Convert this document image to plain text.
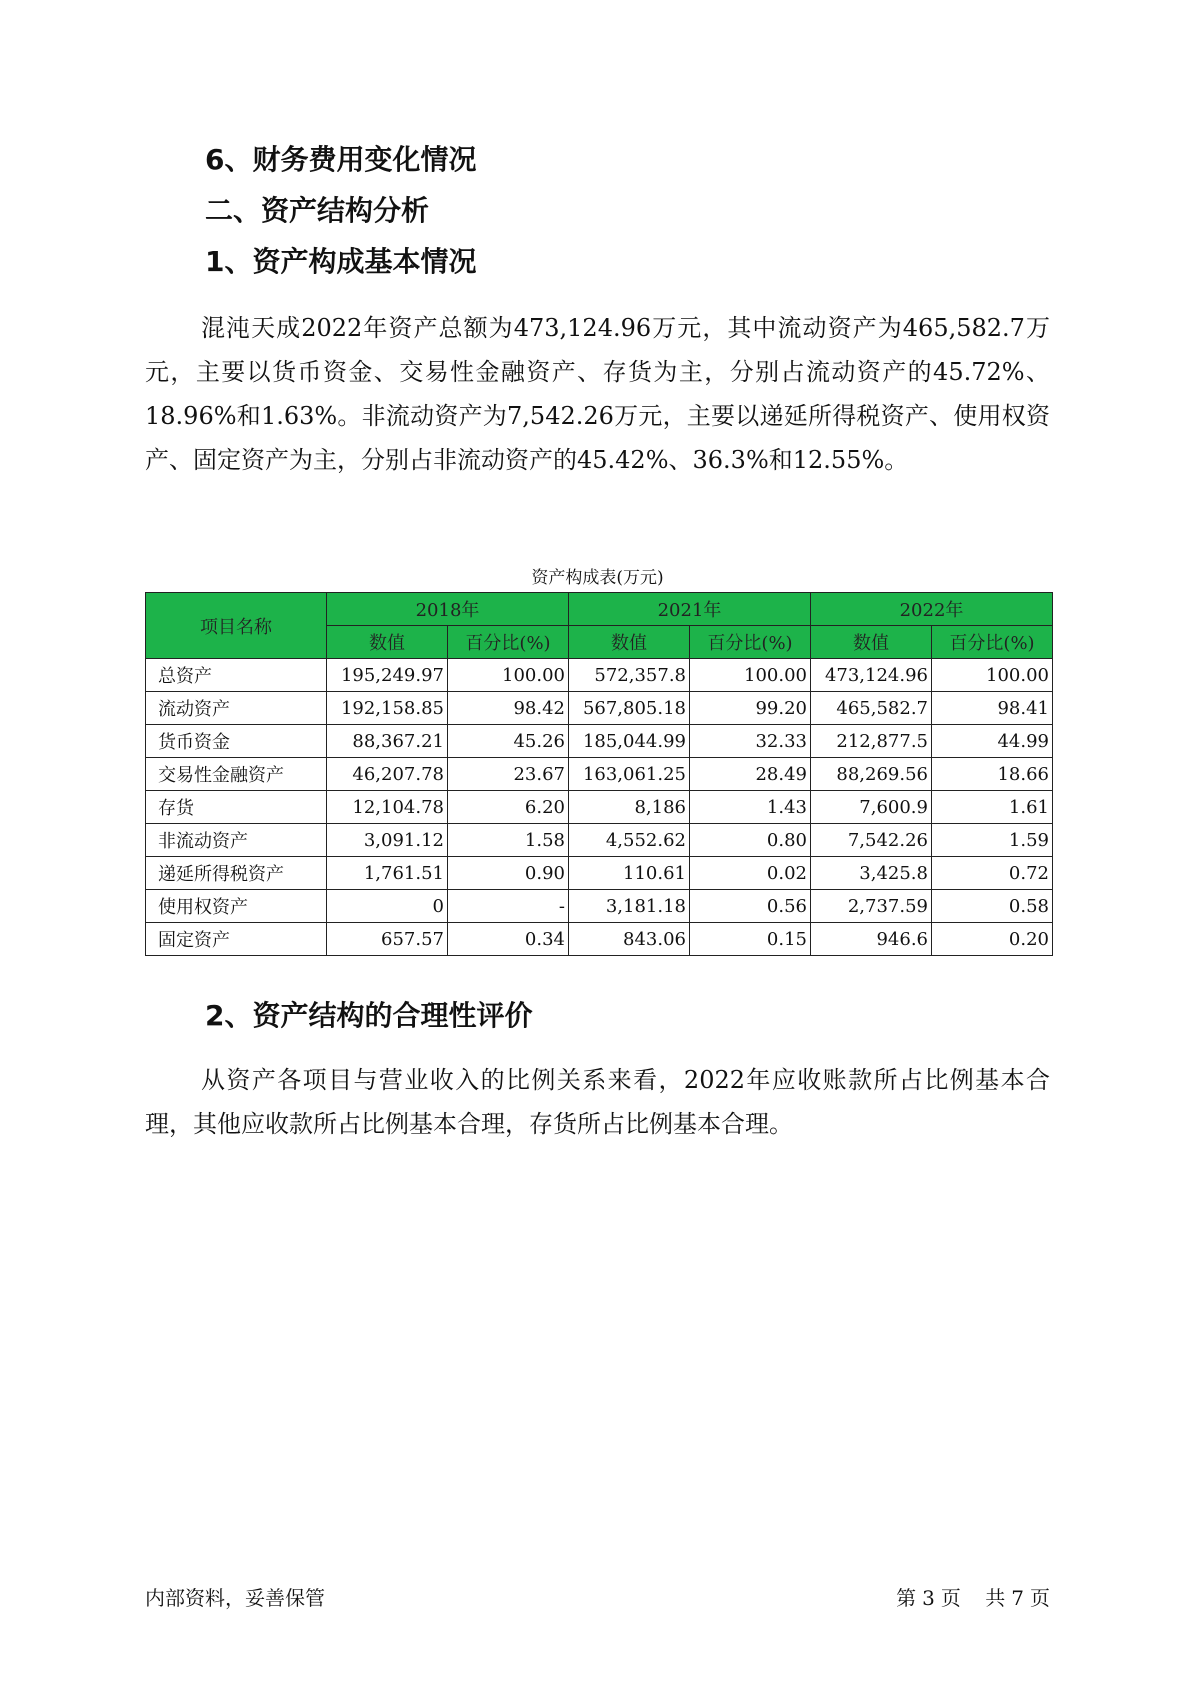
6、财务费用变化情况
二、资产结构分析
1、资产构成基本情况

混沌天成2022年资产总额为473,124.96万元，其中流动资产为465,582.7万元，主要以货币资金、交易性金融资产、存货为主，分别占流动资产的45.72%、18.96%和1.63%。非流动资产为7,542.26万元，主要以递延所得税资产、使用权资产、固定资产为主，分别占非流动资产的45.42%、36.3%和12.55%。

资产构成表(万元)
项目名称	2018年		2021年		2022年	
	数值	百分比(%)	数值	百分比(%)	数值	百分比(%)
总资产	195,249.97	100.00	572,357.8	100.00	473,124.96	100.00
流动资产	192,158.85	98.42	567,805.18	99.20	465,582.7	98.41
货币资金	88,367.21	45.26	185,044.99	32.33	212,877.5	44.99
交易性金融资产	46,207.78	23.67	163,061.25	28.49	88,269.56	18.66
存货	12,104.78	6.20	8,186	1.43	7,600.9	1.61
非流动资产	3,091.12	1.58	4,552.62	0.80	7,542.26	1.59
递延所得税资产	1,761.51	0.90	110.61	0.02	3,425.8	0.72
使用权资产	0	-	3,181.18	0.56	2,737.59	0.58
固定资产	657.57	0.34	843.06	0.15	946.6	0.20
2、资产结构的合理性评价

从资产各项目与营业收入的比例关系来看，2022年应收账款所占比例基本合理，其他应收款所占比例基本合理，存货所占比例基本合理。

内部资料，妥善保管	第 3 页 共 7 页
